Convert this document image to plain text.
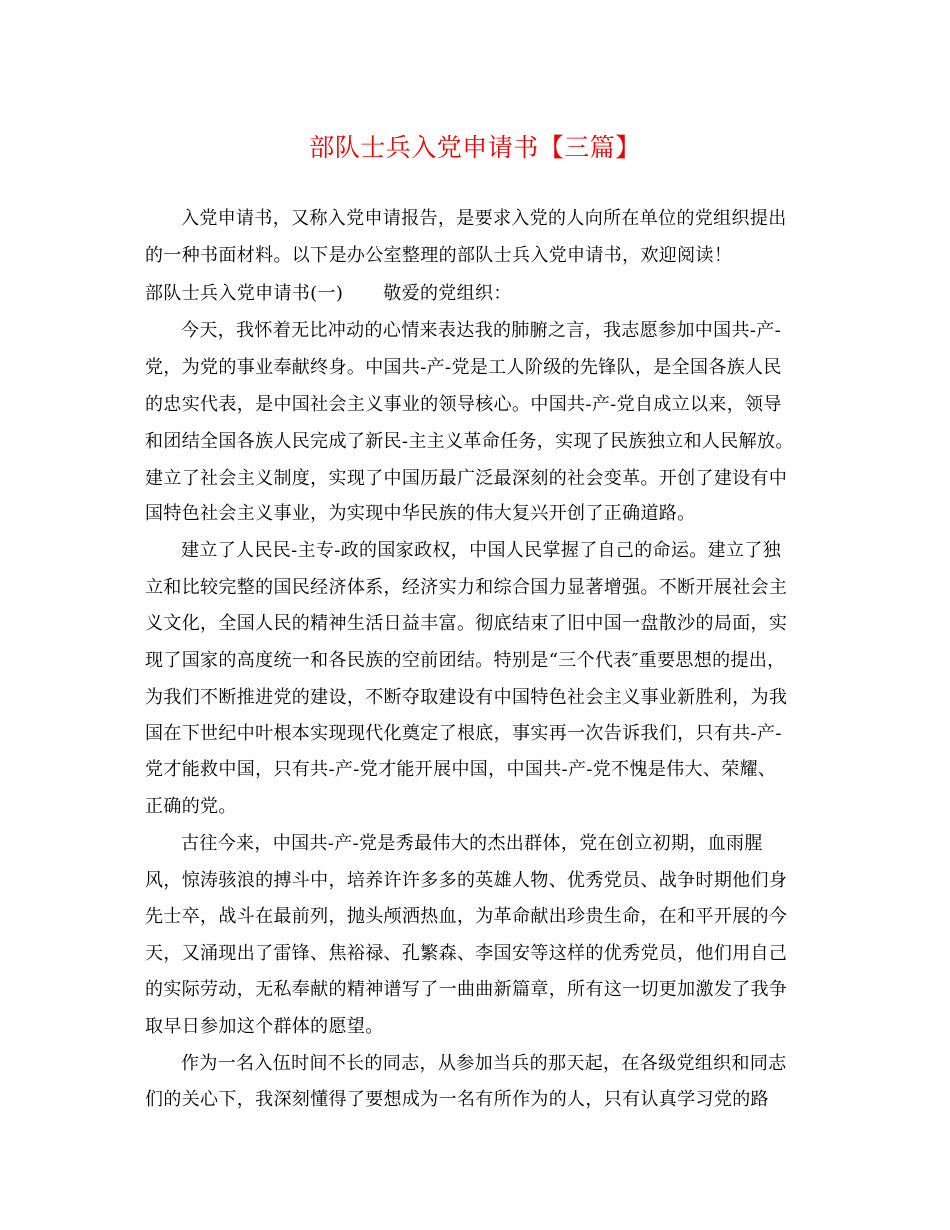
部队士兵入党申请书【三篇】
入党申请书，又称入党申请报告，是要求入党的人向所在单位的党组织提出
的一种书面材料。以下是办公室整理的部队士兵入党申请书，欢迎阅读！
部队士兵入党申请书(一) 敬爱的党组织：
今天，我怀着无比冲动的心情来表达我的肺腑之言，我志愿参加中国共-产-
党，为党的事业奉献终身。中国共-产-党是工人阶级的先锋队，是全国各族人民
的忠实代表，是中国社会主义事业的领导核心。中国共-产-党自成立以来，领导
和团结全国各族人民完成了新民-主主义革命任务，实现了民族独立和人民解放。
建立了社会主义制度，实现了中国历最广泛最深刻的社会变革。开创了建设有中
国特色社会主义事业，为实现中华民族的伟大复兴开创了正确道路。
建立了人民民-主专-政的国家政权，中国人民掌握了自己的命运。建立了独
立和比较完整的国民经济体系，经济实力和综合国力显著增强。不断开展社会主
义文化，全国人民的精神生活日益丰富。彻底结束了旧中国一盘散沙的局面，实
现了国家的高度统一和各民族的空前团结。特别是“三个代表″重要思想的提出，
为我们不断推进党的建设，不断夺取建设有中国特色社会主义事业新胜利，为我
国在下世纪中叶根本实现现代化奠定了根底，事实再一次告诉我们，只有共-产-
党才能救中国，只有共-产-党才能开展中国，中国共-产-党不愧是伟大、荣耀、
正确的党。
古往今来，中国共-产-党是秀最伟大的杰出群体，党在创立初期，血雨腥
风，惊涛骇浪的搏斗中，培养许许多多的英雄人物、优秀党员、战争时期他们身
先士卒，战斗在最前列，抛头颅洒热血，为革命献出珍贵生命，在和平开展的今
天，又涌现出了雷锋、焦裕禄、孔繁森、李国安等这样的优秀党员，他们用自己
的实际劳动，无私奉献的精神谱写了一曲曲新篇章，所有这一切更加激发了我争
取早日参加这个群体的愿望。
作为一名入伍时间不长的同志，从参加当兵的那天起，在各级党组织和同志
们的关心下，我深刻懂得了要想成为一名有所作为的人，只有认真学习党的路
